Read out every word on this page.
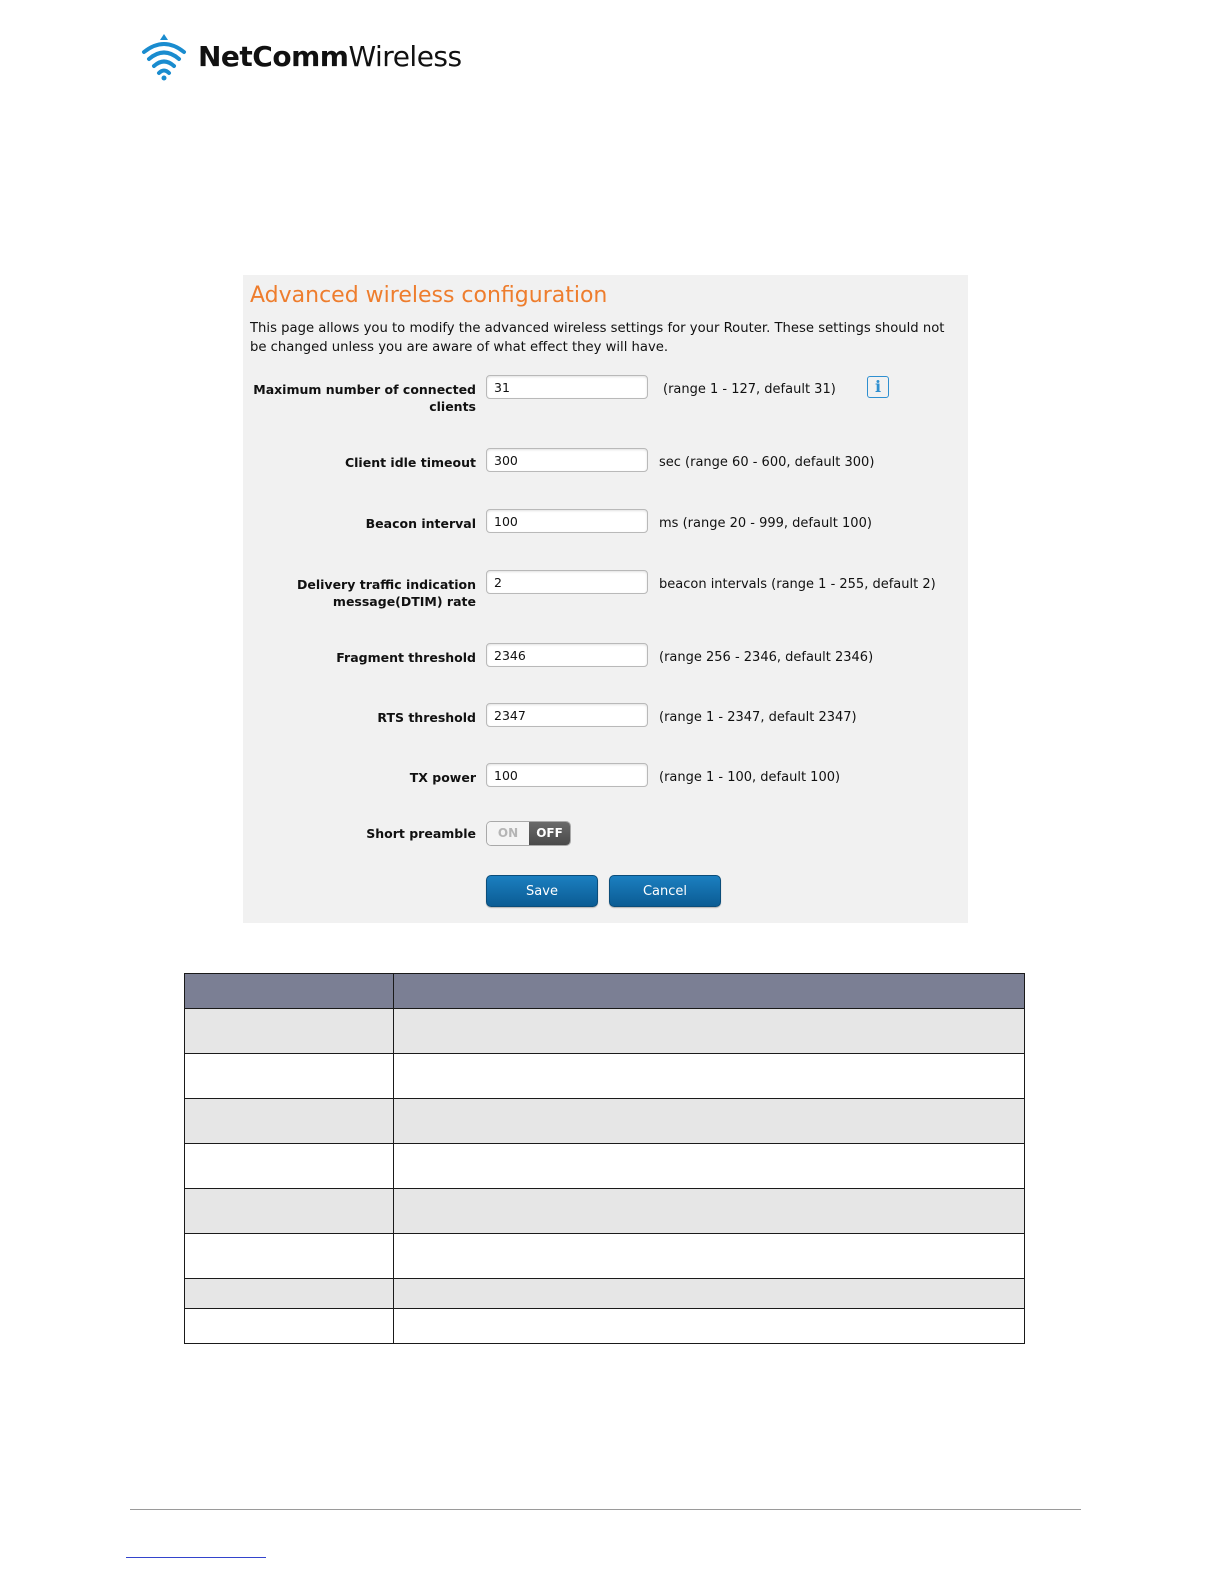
NetCommWireless
Advanced wireless configuration
This page allows you to modify the advanced wireless settings for your Router. These settings should not be changed unless you are aware of what effect they will have.
Maximum number of connected clients
31
(range 1 - 127, default 31)	i
Client idle timeout
300	sec (range 60 - 600, default 300)
Beacon interval
100	ms (range 20 - 999, default 100)
Delivery traffic indication message(DTIM) rate
2
beacon intervals (range 1 - 255, default 2)
Fragment threshold
2346	(range 256 - 2346, default 2346)
RTS threshold
2347	(range 1 - 2347, default 2347)
TX power
100	(range 1 - 100, default 100)
Short preamble	ON	OFF
Save	Cancel
